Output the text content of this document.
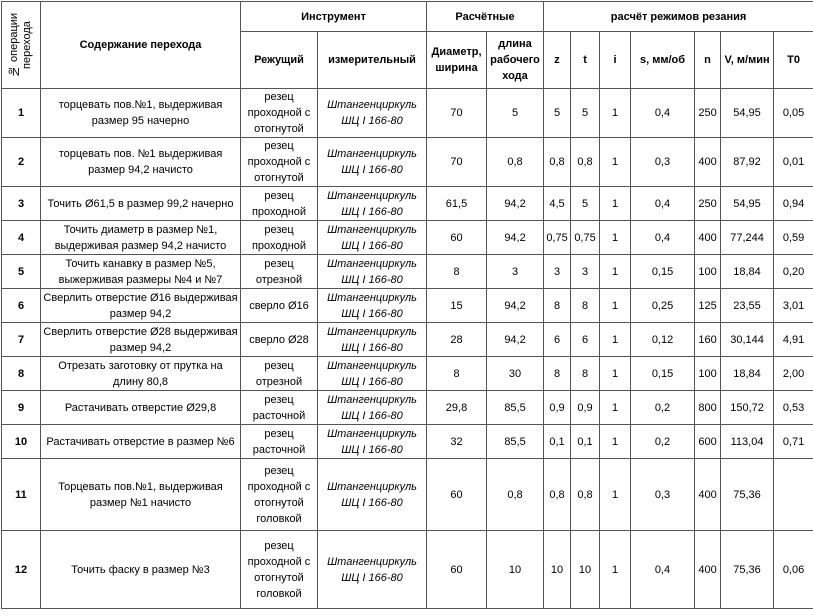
№ операции перехода	Содержание перехода	Инструмент		Расчётные		расчёт режимов резания						
		Режущий	измерительный	Диаметр, ширина	длина рабочего хода	z	t	i	s, мм/об	n	V, м/мин	T0
1	торцевать пов.№1, выдерживая размер 95 начерно	резец проходной с отогнутой	Штангенциркуль ШЦ I 166-80	70	5	5	5	1	0,4	250	54,95	0,05
2	торцевать пов. №1 выдерживая размер 94,2 начисто	резец проходной с отогнутой	Штангенциркуль ШЦ I 166-80	70	0,8	0,8	0,8	1	0,3	400	87,92	0,01
3	Точить Ø61,5 в размер 99,2 начерно	резец проходной	Штангенциркуль ШЦ I 166-80	61,5	94,2	4,5	5	1	0,4	250	54,95	0,94
4	Точить диаметр в размер №1, выдерживая размер 94,2 начисто	резец проходной	Штангенциркуль ШЦ I 166-80	60	94,2	0,75	0,75	1	0,4	400	77,244	0,59
5	Точить канавку в размер №5, выжерживая размеры №4 и №7	резец отрезной	Штангенциркуль ШЦ I 166-80	8	3	3	3	1	0,15	100	18,84	0,20
6	Сверлить отверстие Ø16 выдерживая размер 94,2	сверло Ø16	Штангенциркуль ШЦ I 166-80	15	94,2	8	8	1	0,25	125	23,55	3,01
7	Сверлить отверстие Ø28 выдерживая размер 94,2	сверло Ø28	Штангенциркуль ШЦ I 166-80	28	94,2	6	6	1	0,12	160	30,144	4,91
8	Отрезать заготовку от прутка на длину 80,8	резец отрезной	Штангенциркуль ШЦ I 166-80	8	30	8	8	1	0,15	100	18,84	2,00
9	Растачивать отверстие Ø29,8	резец расточной	Штангенциркуль ШЦ I 166-80	29,8	85,5	0,9	0,9	1	0,2	800	150,72	0,53
10	Растачивать отверстие в размер №6	резец расточной	Штангенциркуль ШЦ I 166-80	32	85,5	0,1	0,1	1	0,2	600	113,04	0,71
11	Торцевать пов.№1, выдерживая размер №1 начисто	резец проходной с отогнутой головкой	Штангенциркуль ШЦ I 166-80	60	0,8	0,8	0,8	1	0,3	400	75,36	
12	Точить фаску в размер №3	резец проходной с отогнутой головкой	Штангенциркуль ШЦ I 166-80	60	10	10	10	1	0,4	400	75,36	0,06
